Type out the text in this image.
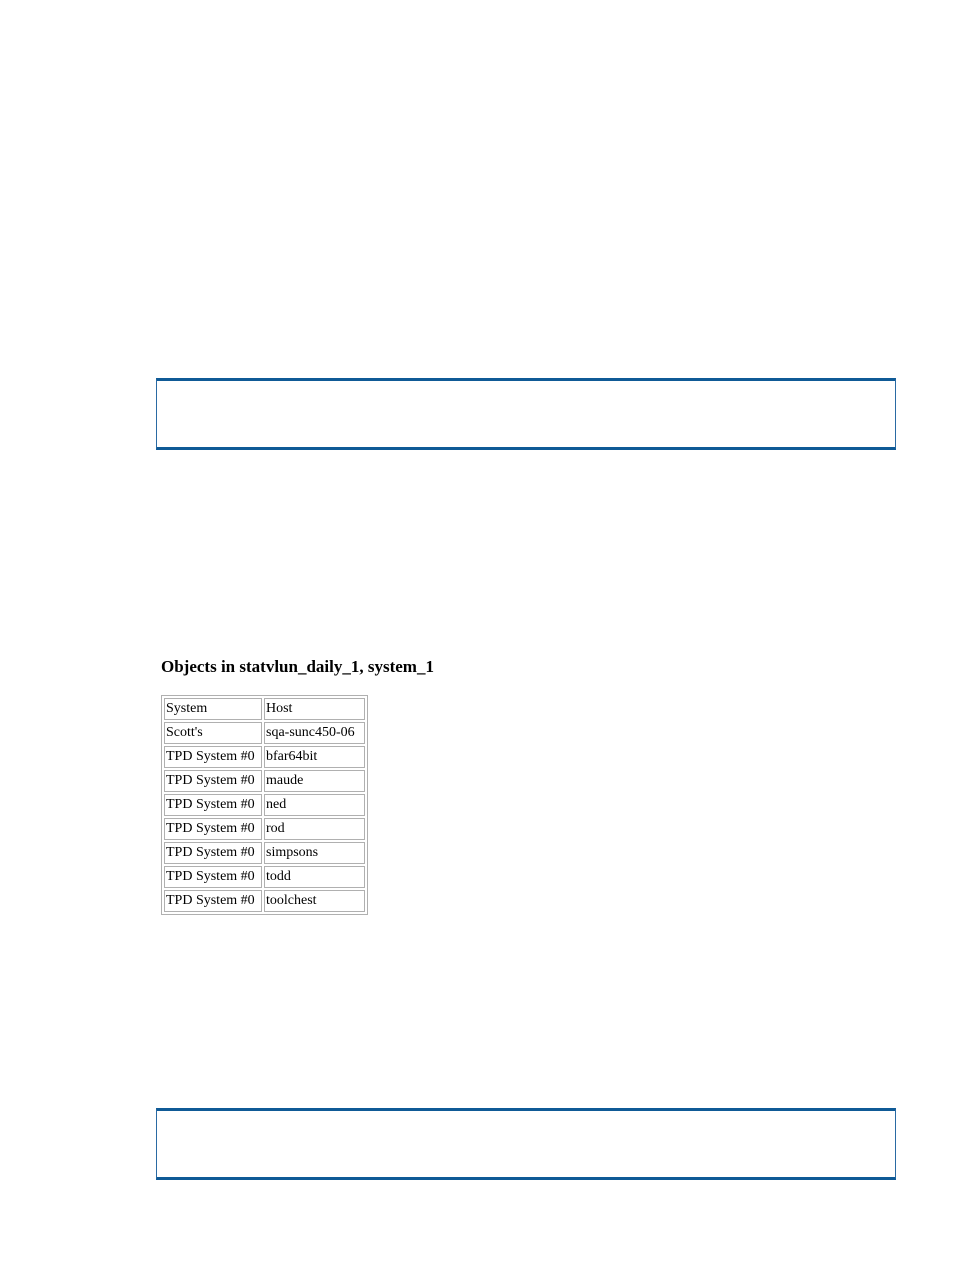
Objects in statvlun_daily_1, system_1
System	Host
Scott's	sqa-sunc450-06
TPD System #0	bfar64bit
TPD System #0	maude
TPD System #0	ned
TPD System #0	rod
TPD System #0	simpsons
TPD System #0	todd
TPD System #0	toolchest
